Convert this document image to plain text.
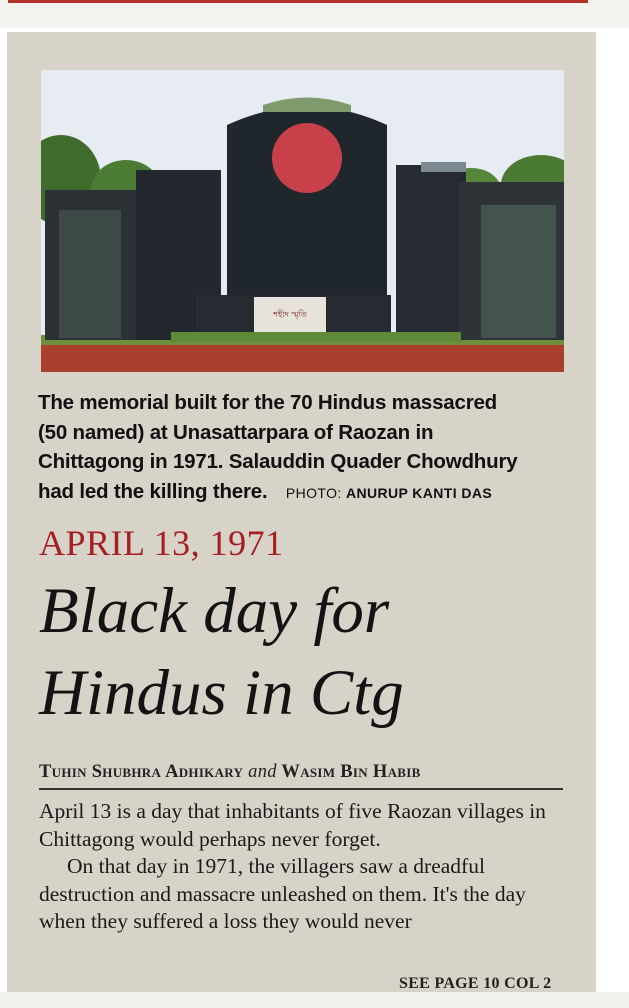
শহীদ স্মৃতি
The memorial built for the 70 Hindus massacred
(50 named) at Unasattarpara of Raozan in
Chittagong in 1971. Salauddin Quader Chowdhury
had led the killing there. PHOTO: ANURUP KANTI DAS
APRIL 13, 1971
Black day for
Hindus in Ctg
Tuhin Shubhra Adhikary and Wasim Bin Habib

April 13 is a day that inhabitants of five Raozan villages in Chittagong would perhaps never forget.

On that day in 1971, the villagers saw a dreadful destruction and massacre unleashed on them. It's the day when they suffered a loss they would never

SEE PAGE 10 COL 2
